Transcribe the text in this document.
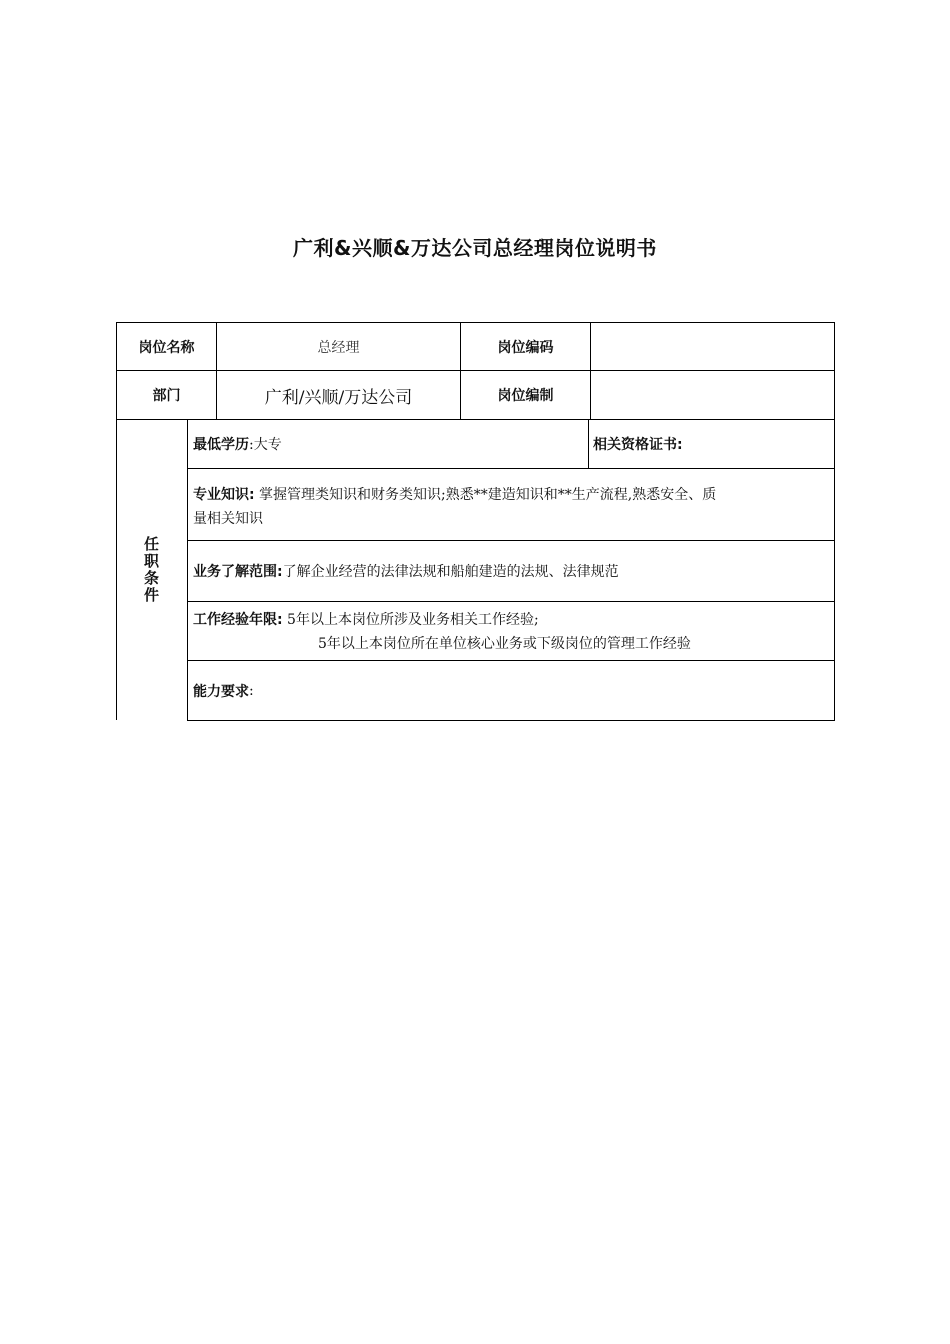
广利&兴顺&万达公司总经理岗位说明书
岗位名称	总经理	岗位编码
部门	广利/兴顺/万达公司	岗位编制
任
职
条
件
最低学历 :大专	相关资格证书:
专业知识: 掌握管理类知识和财务类知识;熟悉**建造知识和**生产流程,熟悉安全、质
量相关知识
业务了解范围: 了解企业经营的法律法规和船舶建造的法规、法律规范
工作经验年限: 5年以上本岗位所涉及业务相关工作经验;
5年以上本岗位所在单位核心业务或下级岗位的管理工作经验
能力要求 :
